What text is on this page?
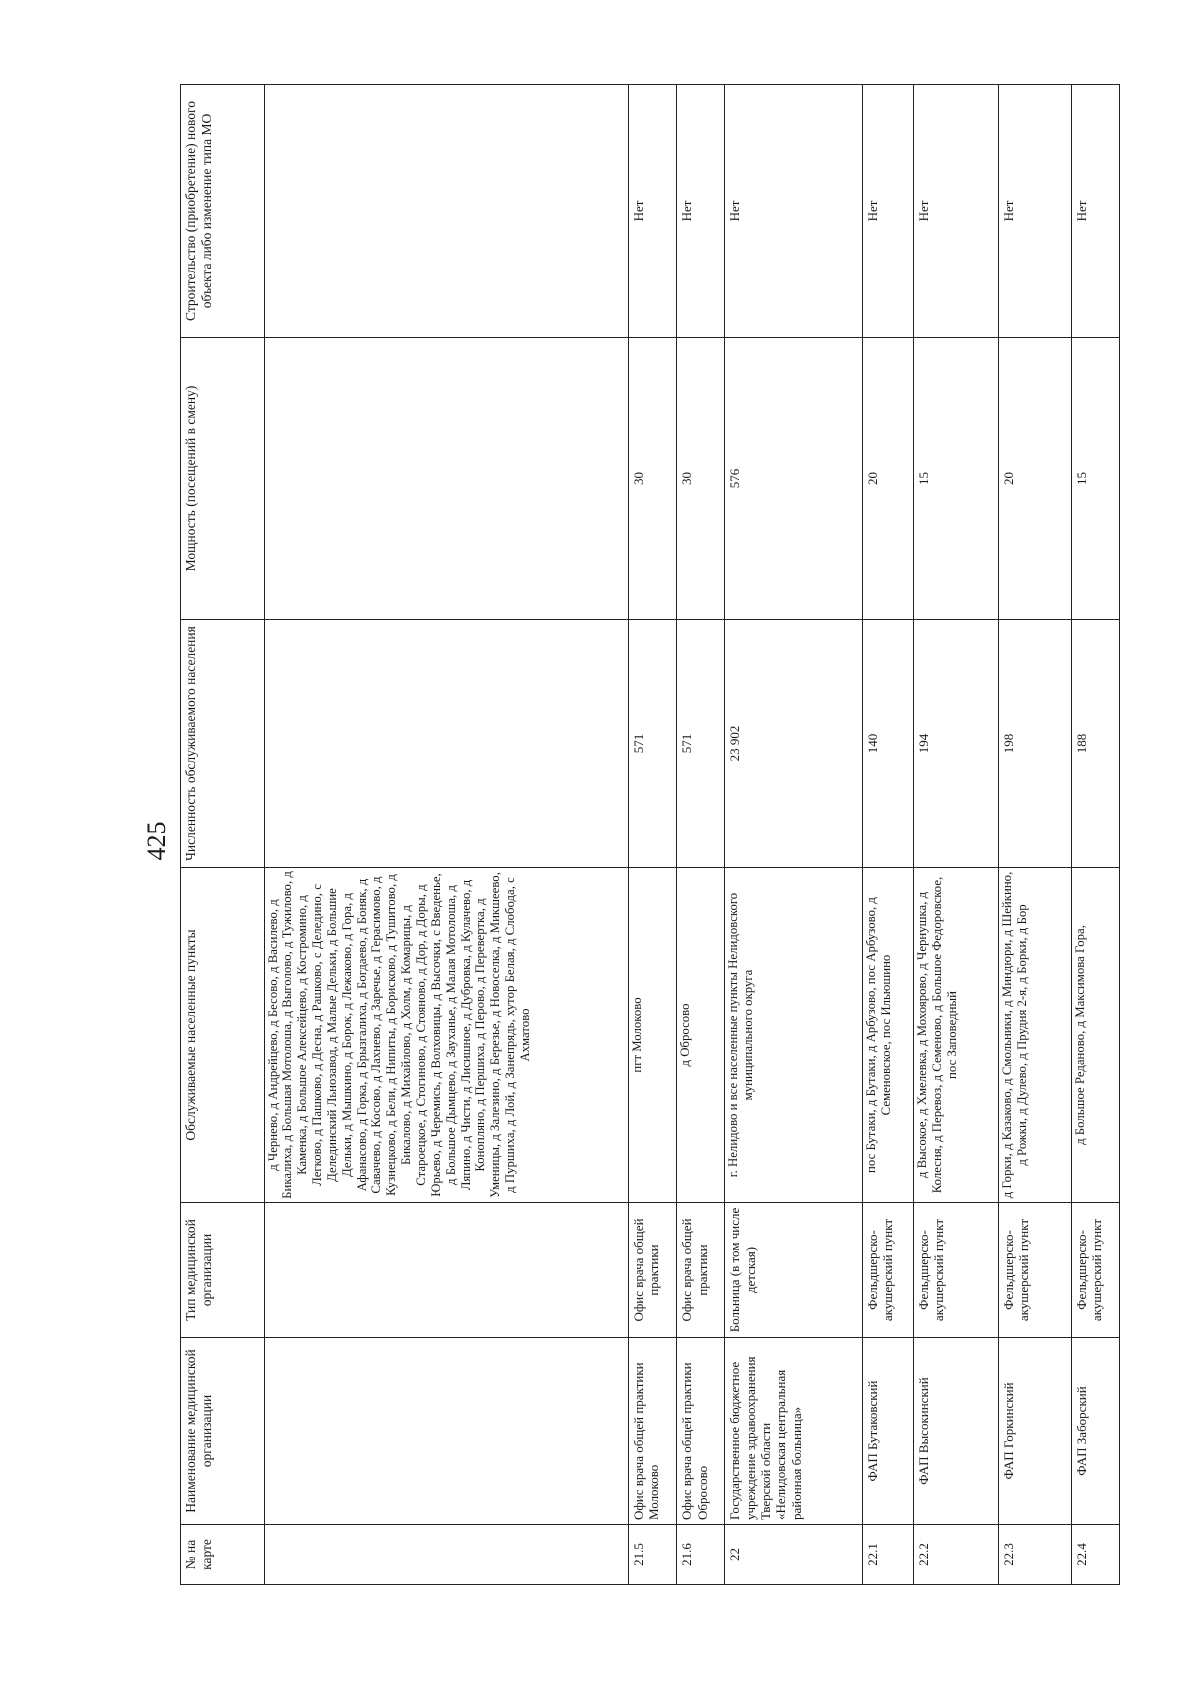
425
№ на карте	Наименование медицинской организации	Тип медицинской организации	Обслуживаемые населенные пункты	Численность обслуживаемого населения	Мощность (посещений в смену)	Строительство (приобретение) нового объекта либо изменение типа МО
			д Чернево, д Андрейцево, д Бесово, д Василево, д Бикалиха, д Большая Мотолоша, д Выголово, д Тужилово, д Каменка, д Большое Алексейцево, д Костромино, д Легково, д Пашково, д Десна, д Рашково, с Деледино, с Делединский Льнозавод, д Малые Дельки, д Большие Дельки, д Мышкино, д Борок, д Лежаково, д Гора, д Афанасово, д Горка, д Брызгалиха, д Богдаево, д Боняк, д Савачево, д Косово, д Лахнево, д Заречье, д Герасимово, д Кузнецково, д Бели, д Нипиты, д Борисково, д Тушитово, д Бикалово, д Михайлово, д Холм, д Комарицы, д Староецкое, д Стогиново, д Стояново, д Дор, д Доры, д Юрьево, д Черемись, д Волховицы, д Высочки, с Введенье, д Большое Дымцево, д Зауханье, д Малая Мотолоша, д Ляпино, д Чисти, д Лисишное, д Дубровка, д Кулачево, д Конопляно, д Першиха, д Перово, д Перевертка, д Уменицы, д Залезино, д Березье, д Новоселка, д Микшеево, д Пуршиха, д Лой, д Занепрядь, хутор Белая, д Слобода, с Ахматово			
21.5	Офис врача общей практики Молоково	Офис врача общей практики	пгт Молоково	571	30	Нет
21.6	Офис врача общей практики Обросово	Офис врача общей практики	д Обросово	571	30	Нет
22	Государственное бюджетное учреждение здравоохранения Тверской области «Нелидовская центральная районная больница»	Больница (в том числе детская)	г. Нелидово и все населенные пункты Нелидовского муниципального округа	23 902	576	Нет
22.1	ФАП Бутаковский	Фельдшерско-акушерский пункт	пос Бутаки, д Бутаки, д Арбузово, пос Арбузово, д Семеновское, пос Ильюшино	140	20	Нет
22.2	ФАП Высокинский	Фельдшерско-акушерский пункт	д Высокое, д Хмелевка, д Мохоярово, д Чернушка, д Колесня, д Перевоз, д Семеново, д Большое Федоровское, пос Заповедный	194	15	Нет
22.3	ФАП Горкинский	Фельдшерско-акушерский пункт	д Горки, д Казаково, д Смольники, д Миндюри, д Шейкино, д Рожки, д Дулево, д Прудня 2-я, д Борки, д Бор	198	20	Нет
22.4	ФАП Заборский	Фельдшерско-акушерский пункт	д Большое Реданово, д Максимова Гора,	188	15	Нет
